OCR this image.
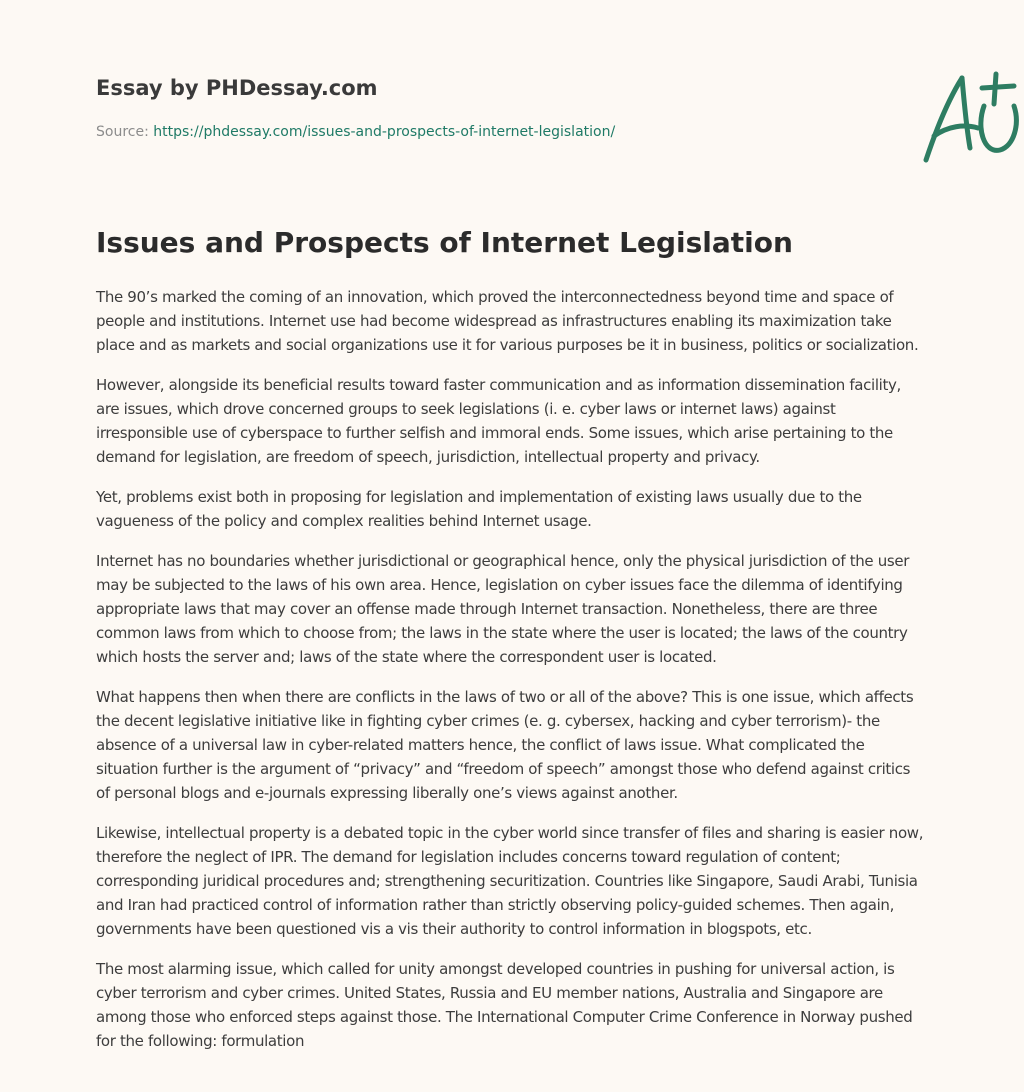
Essay by PHDessay.com
Source: https://phdessay.com/issues-and-prospects-of-internet-legislation/
Issues and Prospects of Internet Legislation

The 90’s marked the coming of an innovation, which proved the interconnectedness beyond time and space of people and institutions. Internet use had become widespread as infrastructures enabling its maximization take place and as markets and social organizations use it for various purposes be it in business, politics or socialization.

However, alongside its beneficial results toward faster communication and as information dissemination facility, are issues, which drove concerned groups to seek legislations (i. e. cyber laws or internet laws) against irresponsible use of cyberspace to further selfish and immoral ends. Some issues, which arise pertaining to the demand for legislation, are freedom of speech, jurisdiction, intellectual property and privacy.

Yet, problems exist both in proposing for legislation and implementation of existing laws usually due to the vagueness of the policy and complex realities behind Internet usage.

Internet has no boundaries whether jurisdictional or geographical hence, only the physical jurisdiction of the user may be subjected to the laws of his own area. Hence, legislation on cyber issues face the dilemma of identifying appropriate laws that may cover an offense made through Internet transaction. Nonetheless, there are three common laws from which to choose from; the laws in the state where the user is located; the laws of the country which hosts the server and; laws of the state where the correspondent user is located.

What happens then when there are conflicts in the laws of two or all of the above? This is one issue, which affects the decent legislative initiative like in fighting cyber crimes (e. g. cybersex, hacking and cyber terrorism)- the absence of a universal law in cyber-related matters hence, the conflict of laws issue. What complicated the situation further is the argument of “privacy” and “freedom of speech” amongst those who defend against critics of personal blogs and e-journals expressing liberally one’s views against another.

Likewise, intellectual property is a debated topic in the cyber world since transfer of files and sharing is easier now, therefore the neglect of IPR. The demand for legislation includes concerns toward regulation of content; corresponding juridical procedures and; strengthening securitization. Countries like Singapore, Saudi Arabi, Tunisia and Iran had practiced control of information rather than strictly observing policy-guided schemes. Then again, governments have been questioned vis a vis their authority to control information in blogspots, etc.

The most alarming issue, which called for unity amongst developed countries in pushing for universal action, is cyber terrorism and cyber crimes. United States, Russia and EU member nations, Australia and Singapore are among those who enforced steps against those. The International Computer Crime Conference in Norway pushed for the following: formulation
